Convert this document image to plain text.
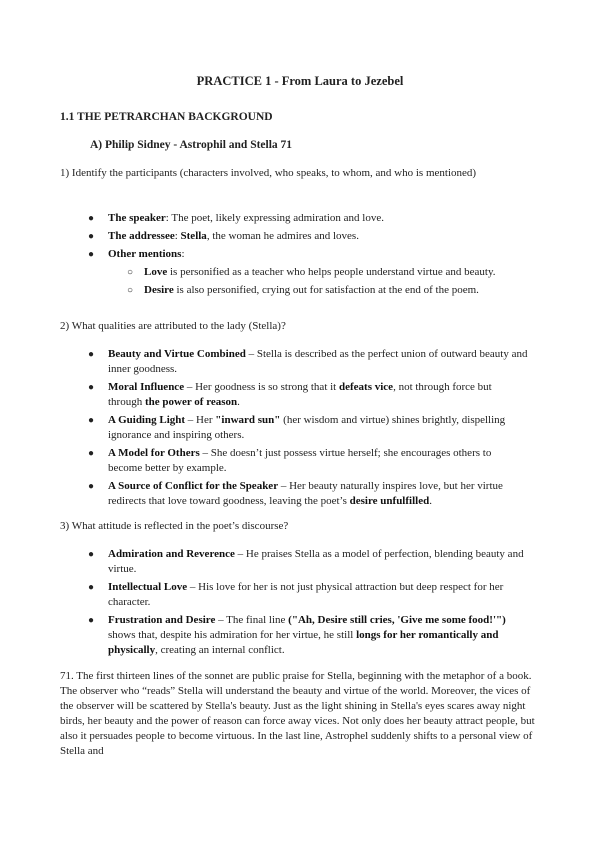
PRACTICE 1 - From Laura to Jezebel
1.1 THE PETRARCHAN BACKGROUND
A) Philip Sidney - Astrophil and Stella 71
1) Identify the participants (characters involved, who speaks, to whom, and who is mentioned)
● The speaker: The poet, likely expressing admiration and love.
● The addressee: Stella, the woman he admires and loves.
● Other mentions:
○ Love is personified as a teacher who helps people understand virtue and beauty.
○ Desire is also personified, crying out for satisfaction at the end of the poem.
2) What qualities are attributed to the lady (Stella)?
● Beauty and Virtue Combined – Stella is described as the perfect union of outward beauty and inner goodness.
● Moral Influence – Her goodness is so strong that it defeats vice, not through force but through the power of reason.
● A Guiding Light – Her "inward sun" (her wisdom and virtue) shines brightly, dispelling ignorance and inspiring others.
● A Model for Others – She doesn’t just possess virtue herself; she encourages others to become better by example.
● A Source of Conflict for the Speaker – Her beauty naturally inspires love, but her virtue redirects that love toward goodness, leaving the poet’s desire unfulfilled.
3) What attitude is reflected in the poet’s discourse?
● Admiration and Reverence – He praises Stella as a model of perfection, blending beauty and virtue.
● Intellectual Love – His love for her is not just physical attraction but deep respect for her character.
● Frustration and Desire – The final line ("Ah, Desire still cries, 'Give me some food!'") shows that, despite his admiration for her virtue, he still longs for her romantically and physically, creating an internal conflict.
71. The first thirteen lines of the sonnet are public praise for Stella, beginning with the metaphor of a book. The observer who “reads” Stella will understand the beauty and virtue of the world. Moreover, the vices of the observer will be scattered by Stella's beauty. Just as the light shining in Stella's eyes scares away night birds, her beauty and the power of reason can force away vices. Not only does her beauty attract people, but also it persuades people to become virtuous. In the last line, Astrophel suddenly shifts to a personal view of Stella and
